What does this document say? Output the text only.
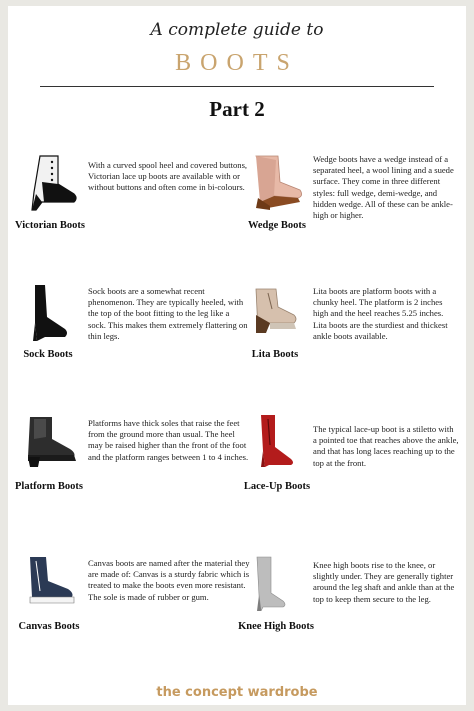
A complete guide to
BOOTS
Part 2

With a curved spool heel and covered buttons, Victorian lace up boots are available with or without buttons and often come in bi-colours.

Victorian Boots

Wedge boots have a wedge instead of a separated heel, a wool lining and a suede surface. They come in three different styles: full wedge, demi-wedge, and hidden wedge. All of these can be ankle-high or higher.

Wedge Boots

Sock boots are a somewhat recent phenomenon. They are typically heeled, with the top of the boot fitting to the leg like a sock. This makes them extremely flattering on thin legs.

Sock Boots

Lita boots are platform boots with a chunky heel. The platform is 2 inches high and the heel reaches 5.25 inches. Lita boots are the sturdiest and thickest ankle boots available.

Lita Boots

Platforms have thick soles that raise the feet from the ground more than usual. The heel may be raised higher than the front of the foot and the platform ranges between 1 to 4 inches.

Platform Boots

The typical lace-up boot is a stiletto with a pointed toe that reaches above the ankle, and that has long laces reaching up to the top at the front.

Lace-Up Boots

Canvas boots are named after the material they are made of: Canvas is a sturdy fabric which is treated to make the boots even more resistant. The sole is made of rubber or gum.

Canvas Boots

Knee high boots rise to the knee, or slightly under. They are generally tighter around the leg shaft and ankle than at the top to keep them secure to the leg.

Knee High Boots
the concept wardrobe
